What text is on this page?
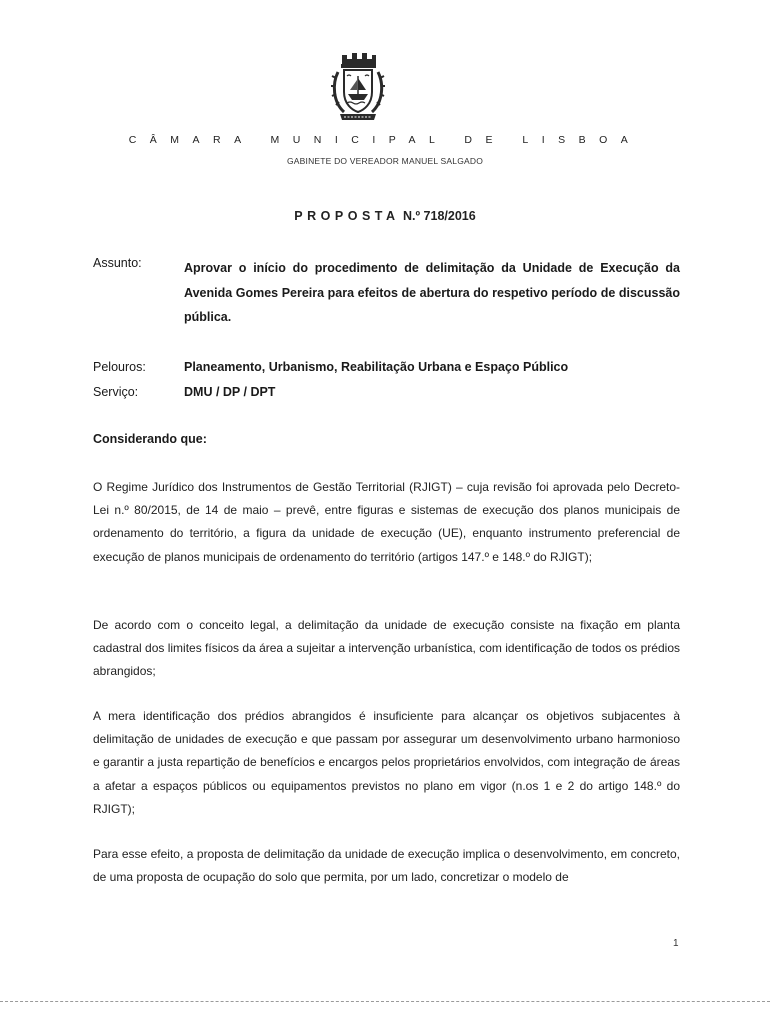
CÂMARA MUNICIPAL DE LISBOA
GABINETE DO VEREADOR MANUEL SALGADO
PROPOSTA N.º 718/2016
Assunto:	Aprovar o início do procedimento de delimitação da Unidade de Execução da Avenida Gomes Pereira para efeitos de abertura do respetivo período de discussão pública.
Pelouros:	Planeamento, Urbanismo, Reabilitação Urbana e Espaço Público
Serviço:	DMU / DP / DPT
Considerando que:

O Regime Jurídico dos Instrumentos de Gestão Territorial (RJIGT) – cuja revisão foi aprovada pelo Decreto-Lei n.º 80/2015, de 14 de maio – prevê, entre figuras e sistemas de execução dos planos municipais de ordenamento do território, a figura da unidade de execução (UE), enquanto instrumento preferencial de execução de planos municipais de ordenamento do território (artigos 147.º e 148.º do RJIGT);

De acordo com o conceito legal, a delimitação da unidade de execução consiste na fixação em planta cadastral dos limites físicos da área a sujeitar a intervenção urbanística, com identificação de todos os prédios abrangidos;

A mera identificação dos prédios abrangidos é insuficiente para alcançar os objetivos subjacentes à delimitação de unidades de execução e que passam por assegurar um desenvolvimento urbano harmonioso e garantir a justa repartição de benefícios e encargos pelos proprietários envolvidos, com integração de áreas a afetar a espaços públicos ou equipamentos previstos no plano em vigor (n.os 1 e 2 do artigo 148.º do RJIGT);

Para esse efeito, a proposta de delimitação da unidade de execução implica o desenvolvimento, em concreto, de uma proposta de ocupação do solo que permita, por um lado, concretizar o modelo de

1
